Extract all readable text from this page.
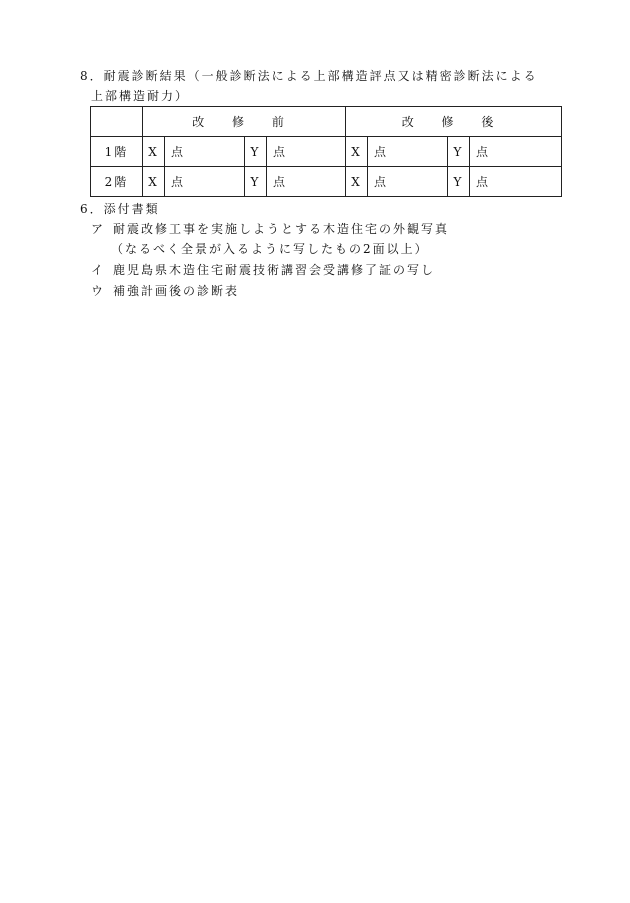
8．耐震診断結果（一般診断法による上部構造評点又は精密診断法による
上部構造耐力）
	改 修 前				改 修 後			
1階	X	点	Y	点	X	点	Y	点
2階	X	点	Y	点	X	点	Y	点
6．添付書類
ア 耐震改修工事を実施しようとする木造住宅の外観写真
（なるべく全景が入るように写したもの2面以上）
イ 鹿児島県木造住宅耐震技術講習会受講修了証の写し
ウ 補強計画後の診断表
